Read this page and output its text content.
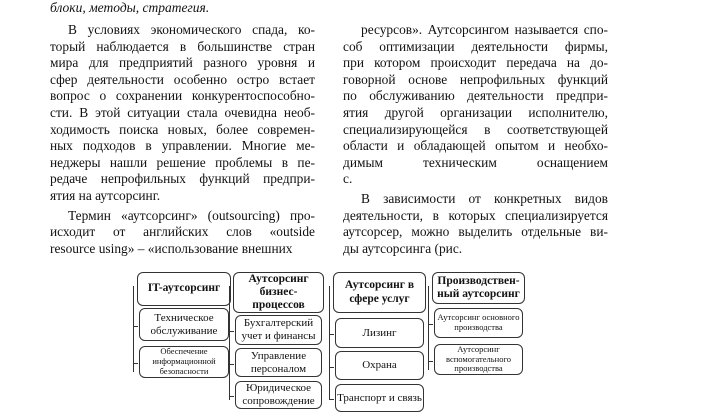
блоки, методы, стратегия.
В условиях экономического спада, ко-
торый наблюдается в большинстве стран
мира для предприятий разного уровня и
сфер деятельности особенно остро встает
вопрос о сохранении конкурентоспособно-
сти. В этой ситуации стала очевидна необ-
ходимость поиска новых, более современ-
ных подходов в управлении. Многие ме-
неджеры нашли решение проблемы в пе-
редаче непрофильных функций предпри-
ятия на аутсорсинг.
Термин «аутсорсинг» (outsourcing) про-
исходит от английских слов «outside
resource using» – «использование внешних
ресурсов». Аутсорсингом называется спо-
соб оптимизации деятельности фирмы,
при котором происходит передача на до-
говорной основе непрофильных функций
по обслуживанию деятельности предпри-
ятия другой организации исполнителю,
специализирующейся в соответствующей
области и обладающей опытом и необхо-
димым техническим оснащением
с.
В зависимости от конкретных видов
деятельности, в которых специализируется
аутсорсер, можно выделить отдельные ви-
ды аутсорсинга (рис.
IT-аутсорсинг
Техническое обслуживание
Обеспечение информационной безопасности
Аутсорсинг бизнес-процессов
Бухгалтерский учет и финансы
Управление персоналом
Юридическое сопровождение
Аутсорсинг в сфере услуг
Лизинг
Охрана
Транспорт и связь
Производствен-ный аутсорсинг
Аутсорсинг основного производства
Аутсорсинг вспомогательного производства
